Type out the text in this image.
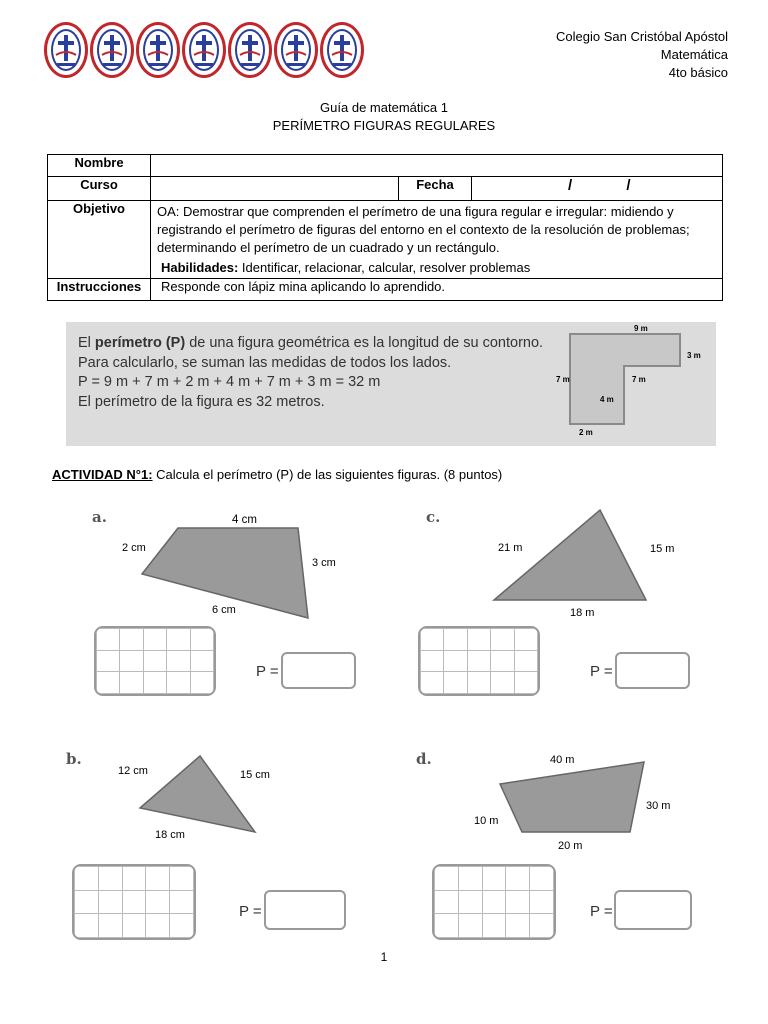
Colegio San Cristóbal Apóstol
Matemática
4to básico
Guía de matemática 1
PERÍMETRO FIGURAS REGULARES
Nombre			
Curso		Fecha	/ /
Objetivo	OA: Demostrar que comprenden el perímetro de una figura regular e irregular: midiendo y registrando el perímetro de figuras del entorno en el contexto de la resolución de problemas; determinando el perímetro de un cuadrado y un rectángulo.
Habilidades: Identificar, relacionar, calcular, resolver problemas		

Instrucciones	Responde con lápiz mina aplicando lo aprendido.		
El perímetro (P) de una figura geométrica es la longitud de su contorno.
Para calcularlo, se suman las medidas de todos los lados.
P = 9 m + 7 m + 2 m + 4 m + 7 m + 3 m = 32 m
El perímetro de la figura es 32 metros.
9 m
3 m
7 m	7 m
4 m
2 m
ACTIVIDAD N°1: Calcula el perímetro (P) de las siguientes figuras. (8 puntos)
a.	4 cm
2 cm
3 cm
6 cm

P =
c.
21 m	15 m
18 m

P =
b.
12 cm	15 cm
18 cm

P =
d.	40 m
10 m
30 m
20 m

P =
1
